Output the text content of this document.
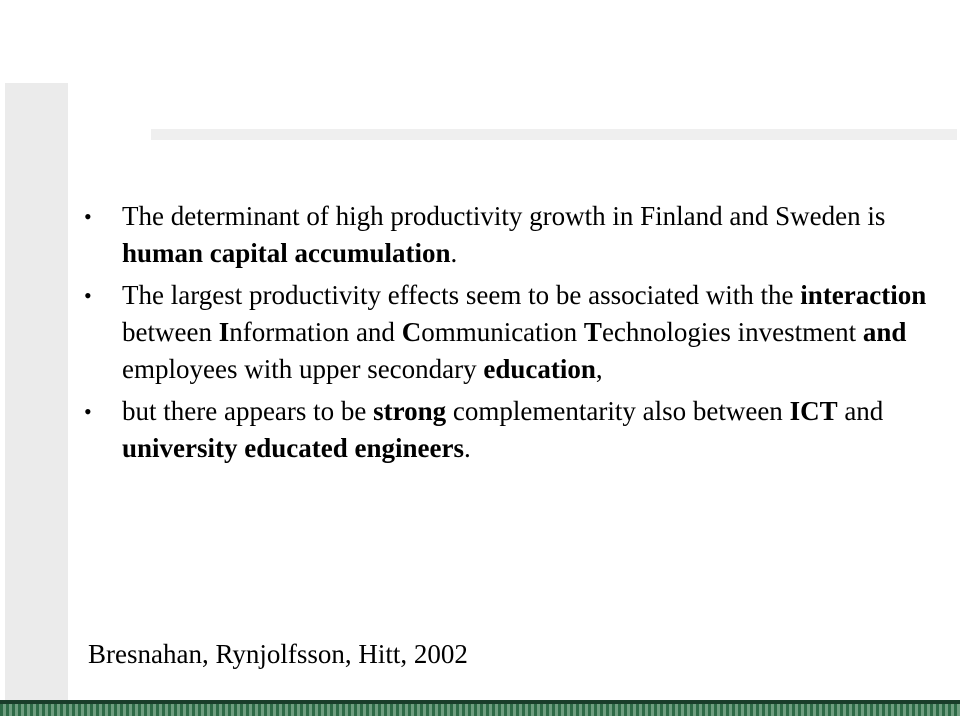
• The determinant of high productivity growth in Finland and Sweden is human capital accumulation.
• The largest productivity effects seem to be associated with the interaction between Information and Communication Technologies investment and employees with upper secondary education,
• but there appears to be strong complementarity also between ICT and university educated engineers.
Bresnahan, Rynjolfsson, Hitt, 2002
